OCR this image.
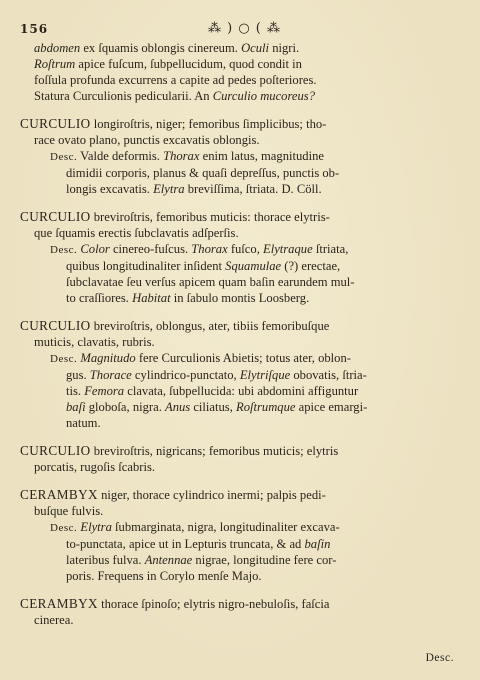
156	⁂ ) ○ ( ⁂

abdomen ex ſquamis oblongis cinereum. Oculi nigri.

Roſtrum apice fuſcum, ſubpellucidum, quod condit in

foſſula profunda excurrens a capite ad pedes poſteriores.

Statura Curculionis pedicularii. An Curculio mucoreus?

CURCULIO longiroſtris, niger; femoribus ſimplicibus; tho-

race ovato plano, punctis excavatis oblongis.

Desc. Valde deformis. Thorax enim latus, magnitudine

dimidii corporis, planus & quaſi depreſſus, punctis ob-

longis excavatis. Elytra breviſſima, ſtriata. D. Cöll.

CURCULIO breviroſtris, femoribus muticis: thorace elytris-

que ſquamis erectis ſubclavatis adſperſis.

Desc. Color cinereo-fuſcus. Thorax fuſco, Elytraque ſtriata,

quibus longitudinaliter inſident Squamulae (?) erectae,

ſubclavatae ſeu verſus apicem quam baſin earundem mul-

to craſſiores. Habitat in ſabulo montis Loosberg.

CURCULIO breviroſtris, oblongus, ater, tibiis femoribuſque

muticis, clavatis, rubris.

Desc. Magnitudo fere Curculionis Abietis; totus ater, oblon-

gus. Thorace cylindrico-punctato, Elytriſque obovatis, ſtria-

tis. Femora clavata, ſubpellucida: ubi abdomini affiguntur

baſi globoſa, nigra. Anus ciliatus, Roſtrumque apice emargi-

natum.

CURCULIO breviroſtris, nigricans; femoribus muticis; elytris

porcatis, rugoſis ſcabris.

CERAMBYX niger, thorace cylindrico inermi; palpis pedi-

buſque fulvis.

Desc. Elytra ſubmarginata, nigra, longitudinaliter excava-

to-punctata, apice ut in Lepturis truncata, & ad baſin

lateribus fulva. Antennae nigrae, longitudine fere cor-

poris. Frequens in Corylo menſe Majo.

CERAMBYX thorace ſpinoſo; elytris nigro-nebuloſis, faſcia

cinerea.

Desc.
